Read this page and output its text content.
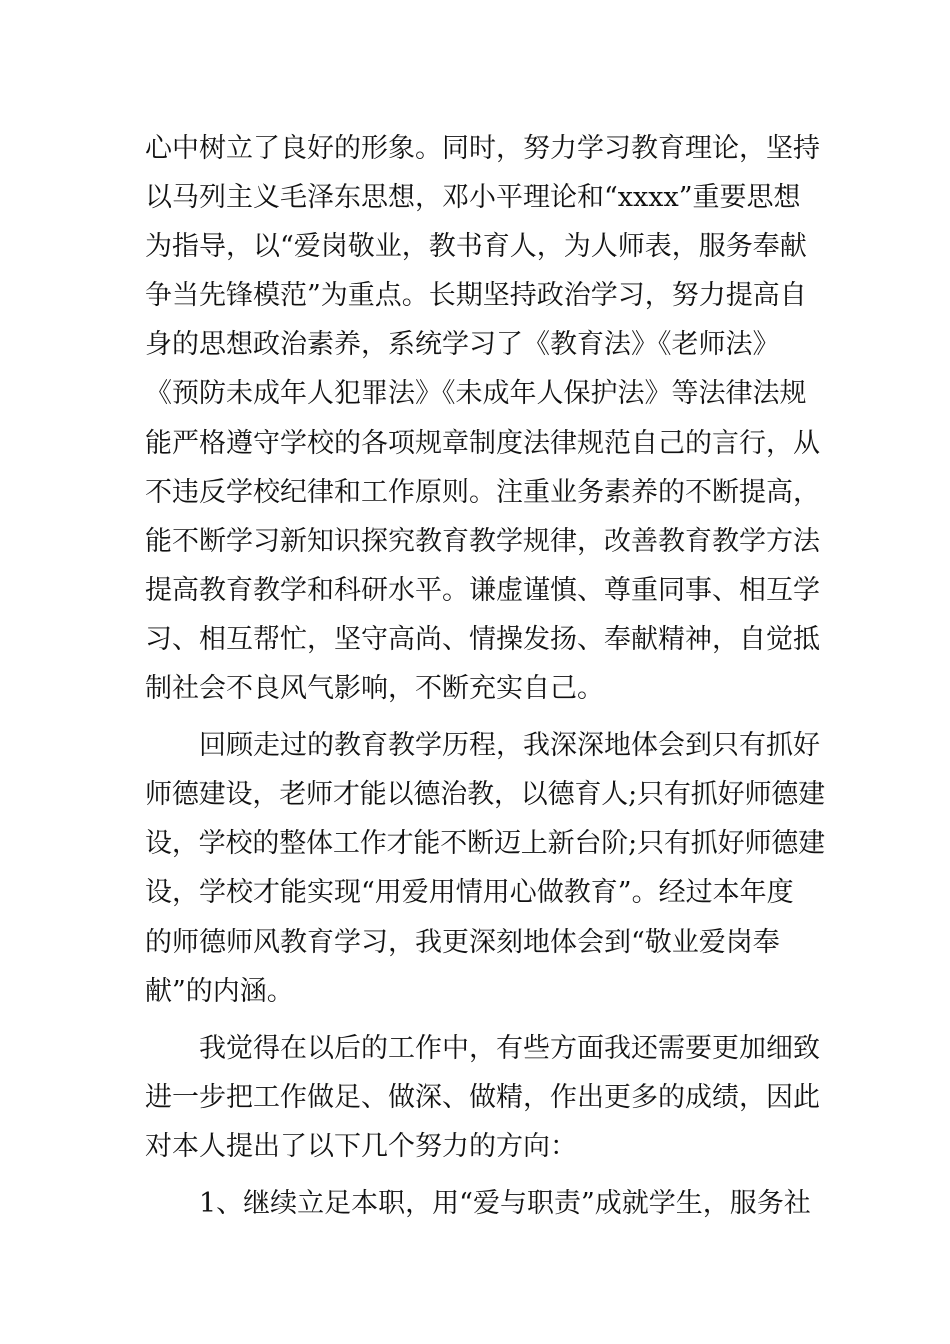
心中树立了良好的形象。同时，努力学习教育理论，坚持
以马列主义毛泽东思想，邓小平理论和“xxxx”重要思想
为指导，以“爱岗敬业，教书育人，为人师表，服务奉献
争当先锋模范”为重点。长期坚持政治学习，努力提高自
身的思想政治素养，系统学习了《教育法》《老师法》
《预防未成年人犯罪法》《未成年人保护法》等法律法规
能严格遵守学校的各项规章制度法律规范自己的言行，从
不违反学校纪律和工作原则。注重业务素养的不断提高，
能不断学习新知识探究教育教学规律，改善教育教学方法
提高教育教学和科研水平。谦虚谨慎、尊重同事、相互学
习、相互帮忙，坚守高尚、情操发扬、奉献精神，自觉抵
制社会不良风气影响，不断充实自己。
回顾走过的教育教学历程，我深深地体会到只有抓好
师德建设，老师才能以德治教，以德育人;只有抓好师德建
设，学校的整体工作才能不断迈上新台阶;只有抓好师德建
设，学校才能实现“用爱用情用心做教育”。经过本年度
的师德师风教育学习，我更深刻地体会到“敬业爱岗奉
献”的内涵。
我觉得在以后的工作中，有些方面我还需要更加细致
进一步把工作做足、做深、做精，作出更多的成绩，因此
对本人提出了以下几个努力的方向：
1、继续立足本职，用“爱与职责”成就学生，服务社
